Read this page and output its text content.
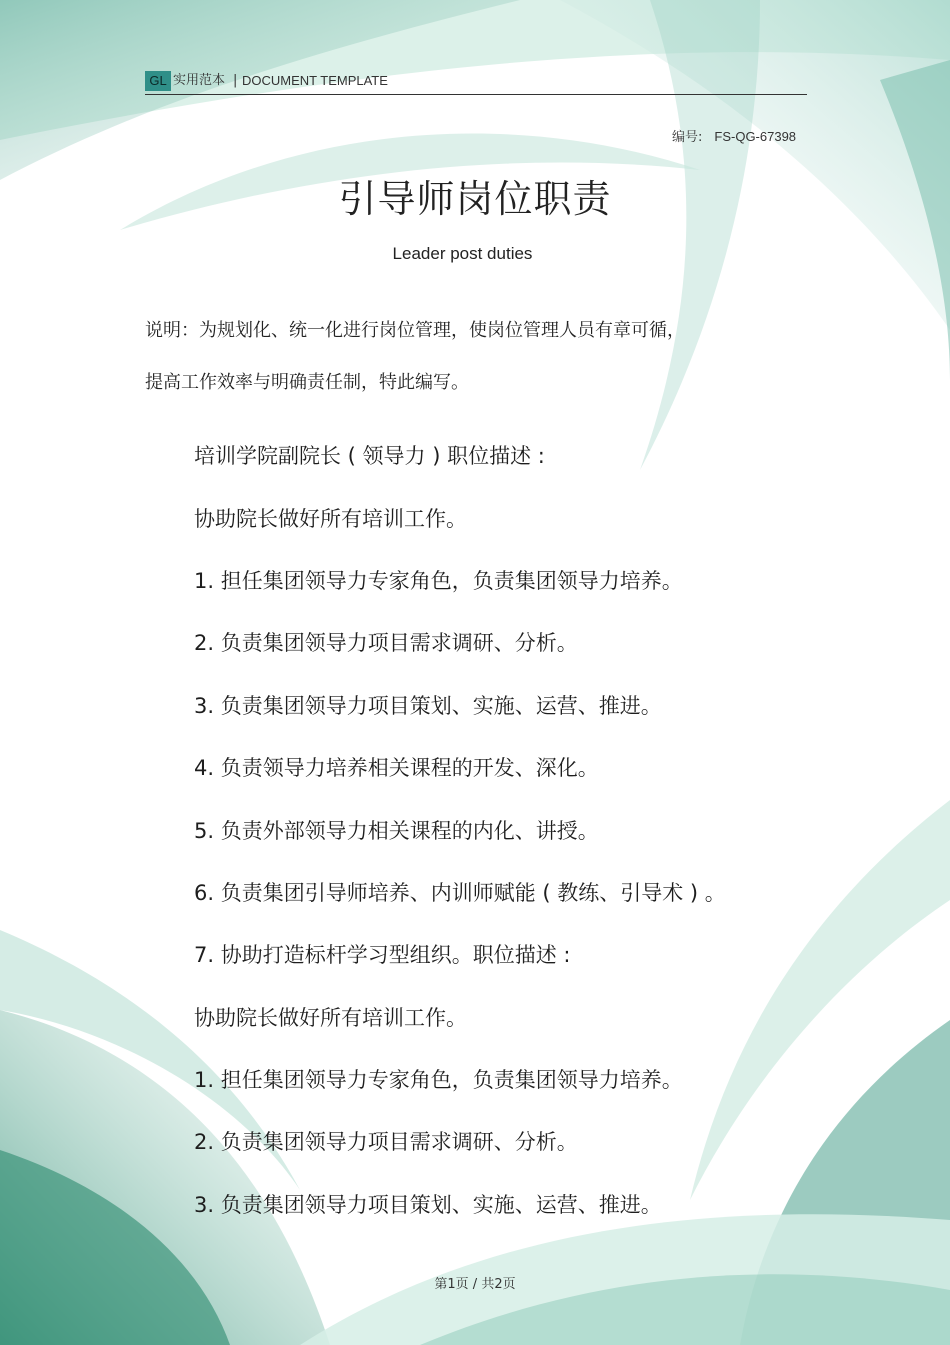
GL 实用范本 | DOCUMENT TEMPLATE
编号: FS-QG-67398
引导师岗位职责
Leader post duties
说明：为规划化、统一化进行岗位管理，使岗位管理人员有章可循，
提高工作效率与明确责任制，特此编写。
培训学院副院长 ( 领导力 ) 职位描述 :
协助院长做好所有培训工作。
1. 担任集团领导力专家角色，负责集团领导力培养。
2. 负责集团领导力项目需求调研、分析。
3. 负责集团领导力项目策划、实施、运营、推进。
4. 负责领导力培养相关课程的开发、深化。
5. 负责外部领导力相关课程的内化、讲授。
6. 负责集团引导师培养、内训师赋能 ( 教练、引导术 ) 。
7. 协助打造标杆学习型组织。职位描述 :
协助院长做好所有培训工作。
1. 担任集团领导力专家角色，负责集团领导力培养。
2. 负责集团领导力项目需求调研、分析。
3. 负责集团领导力项目策划、实施、运营、推进。
第1页 / 共2页
